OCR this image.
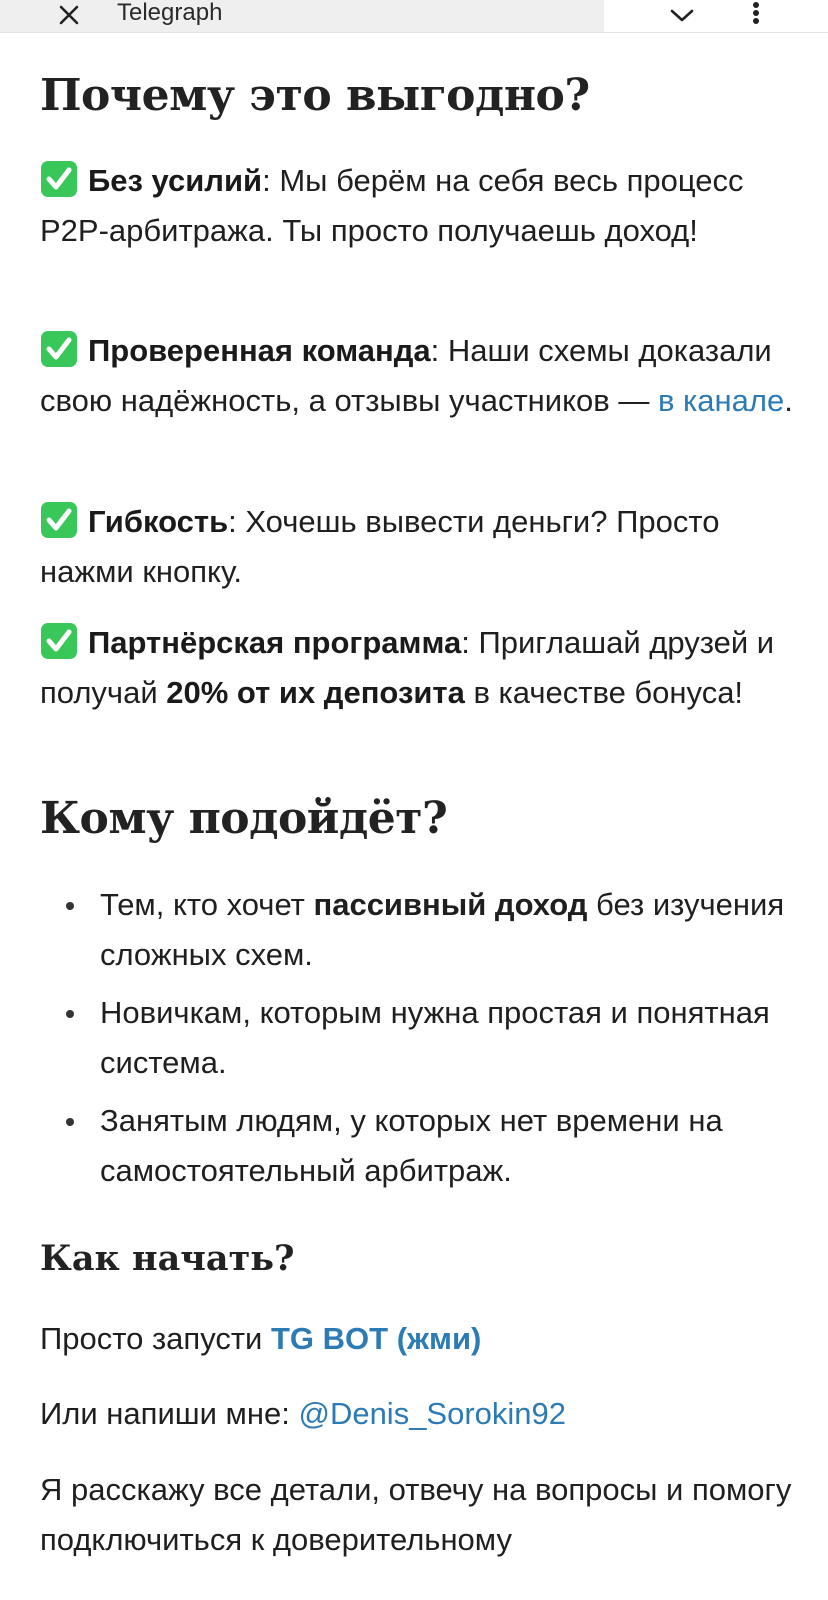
Telegraph
Почему это выгодно?

Без усилий: Мы берём на себя весь процесс P2P-арбитража. Ты просто получаешь доход!

Проверенная команда: Наши схемы доказали свою надёжность, а отзывы участников — в канале.

Гибкость: Хочешь вывести деньги? Просто нажми кнопку.

Партнёрская программа: Приглашай друзей и получай 20% от их депозита в качестве бонуса!

Кому подойдёт?
Тем, кто хочет пассивный доход без изучения сложных схем.
Новичкам, которым нужна простая и понятная система.
Занятым людям, у которых нет времени на самостоятельный арбитраж.
Как начать?

Просто запусти TG BOT (жми)

Или напиши мне: @Denis_Sorokin92

Я расскажу все детали, отвечу на вопросы и помогу подключиться к доверительному
